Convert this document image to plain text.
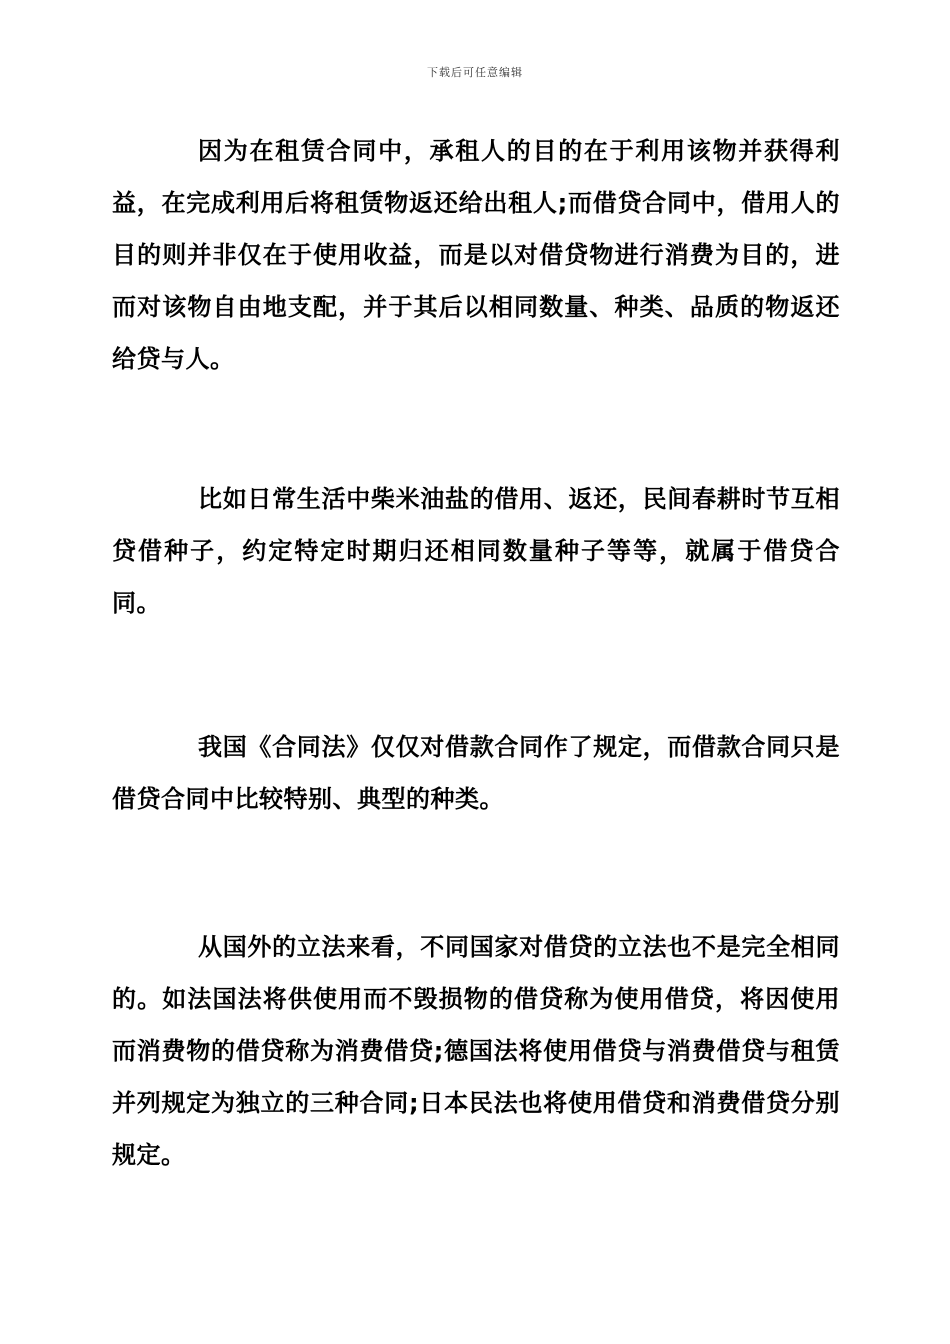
下载后可任意编辑

因为在租赁合同中，承租人的目的在于利用该物并获得利益，在完成利用后将租赁物返还给出租人;而借贷合同中，借用人的目的则并非仅在于使用收益，而是以对借贷物进行消费为目的，进而对该物自由地支配，并于其后以相同数量、种类、品质的物返还给贷与人。

比如日常生活中柴米油盐的借用、返还，民间春耕时节互相贷借种子，约定特定时期归还相同数量种子等等，就属于借贷合同。

我国《合同法》仅仅对借款合同作了规定，而借款合同只是借贷合同中比较特别、典型的种类。

从国外的立法来看，不同国家对借贷的立法也不是完全相同的。如法国法将供使用而不毁损物的借贷称为使用借贷，将因使用而消费物的借贷称为消费借贷;德国法将使用借贷与消费借贷与租赁并列规定为独立的三种合同;日本民法也将使用借贷和消费借贷分别规定。
